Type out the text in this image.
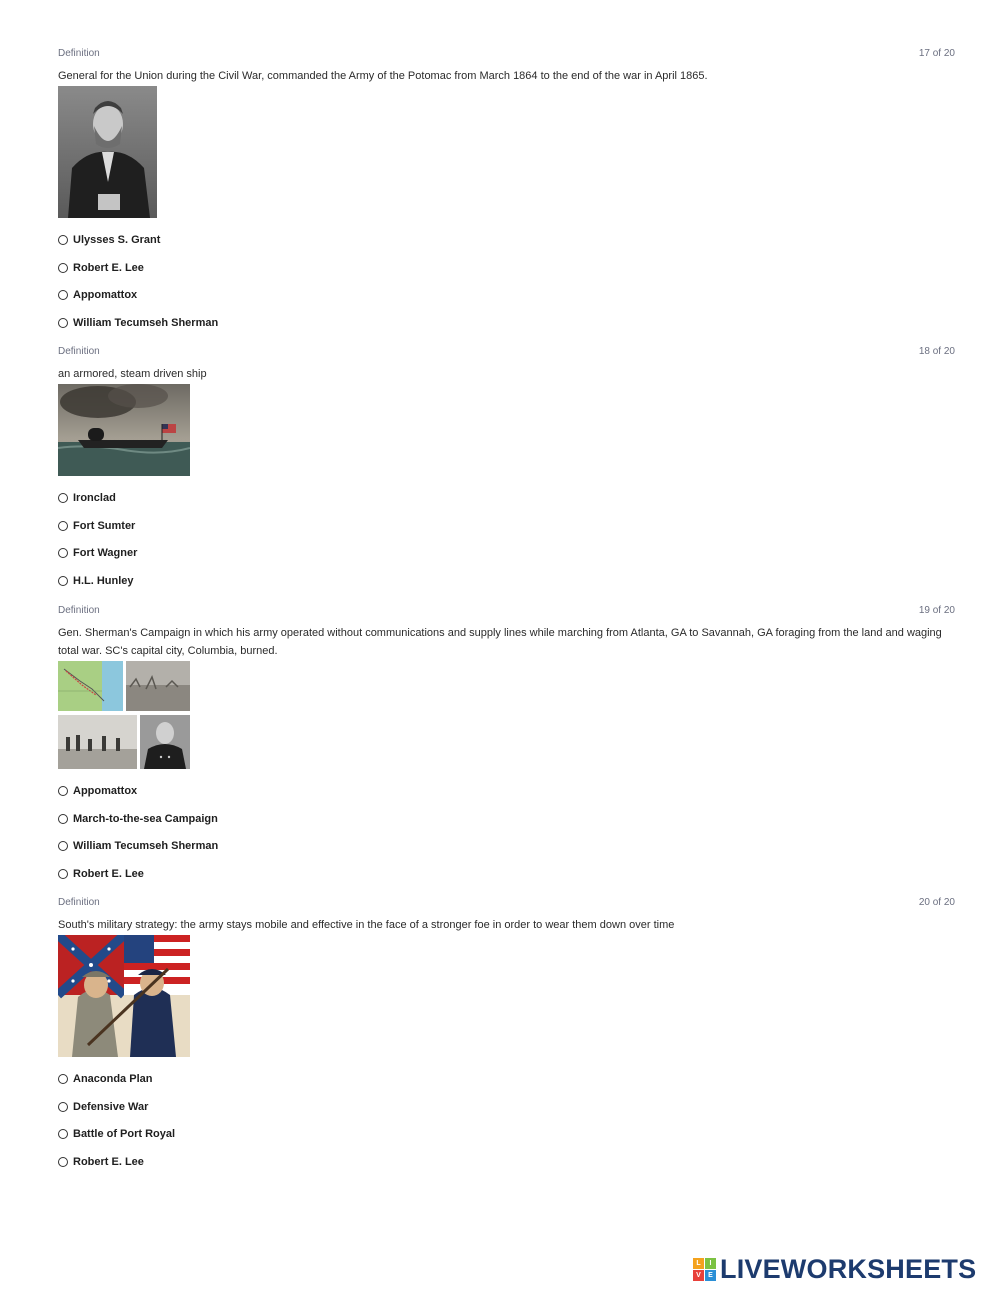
Definition	17 of 20
General for the Union during the Civil War, commanded the Army of the Potomac from March 1864 to the end of the war in April 1865.
Ulysses S. Grant
Robert E. Lee
Appomattox
William Tecumseh Sherman
Definition	18 of 20
an armored, steam driven ship
Ironclad
Fort Sumter
Fort Wagner
H.L. Hunley
Definition	19 of 20
Gen. Sherman's Campaign in which his army operated without communications and supply lines while marching from Atlanta, GA to Savannah, GA foraging from the land and waging total war. SC's capital city, Columbia, burned.
Appomattox
March-to-the-sea Campaign
William Tecumseh Sherman
Robert E. Lee
Definition	20 of 20
South's military strategy: the army stays mobile and effective in the face of a stronger foe in order to wear them down over time
Anaconda Plan
Defensive War
Battle of Port Royal
Robert E. Lee
L	I
V	E LIVEWORKSHEETS
